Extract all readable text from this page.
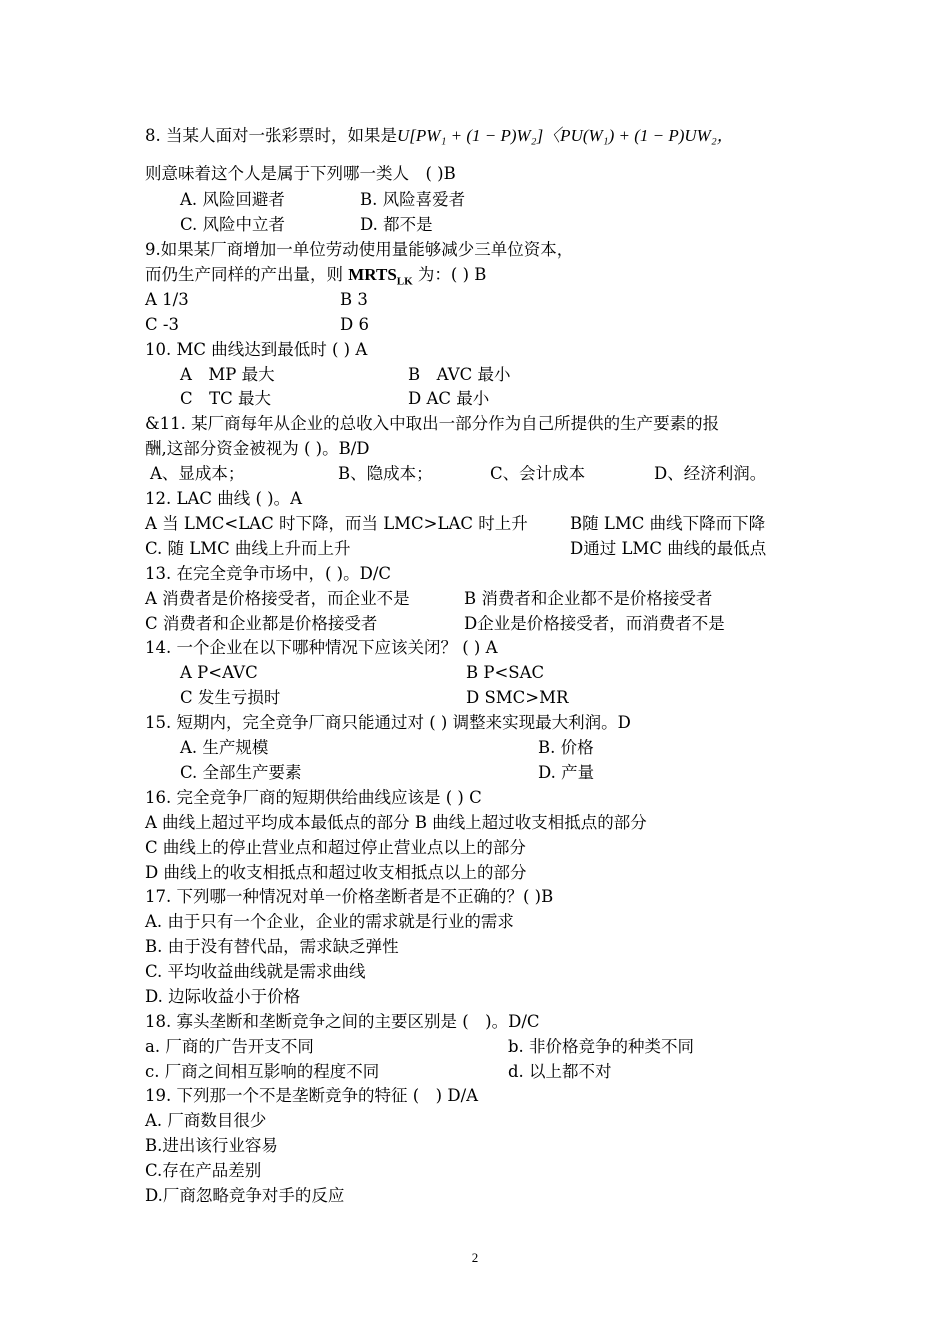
8. 当某人面对一张彩票时，如果是U[PW₁ + (1 − P)W₂]〈PU(W₁) + (1 − P)UW₂，
则意味着这个人是属于下列哪一类人　( )B
A. 风险回避者	B. 风险喜爱者
C. 风险中立者	D. 都不是
9.如果某厂商增加一单位劳动使用量能够减少三单位资本，
而仍生产同样的产出量，则 $MRTS_{LK}$ 为：( ) B
A 1/3	B 3
C -3	D 6
10. MC 曲线达到最低时 ( ) A
A　MP 最大	B　AVC 最小
C　TC 最大	D AC 最小
&11. 某厂商每年从企业的总收入中取出一部分作为自己所提供的生产要素的报
酬,这部分资金被视为 ( )。B/D
A、显成本；	B、隐成本；	C、会计成本	D、经济利润。
12. LAC 曲线 ( )。A
A 当 LMC<LAC 时下降，而当 LMC>LAC 时上升	B随 LMC 曲线下降而下降
C. 随 LMC 曲线上升而上升	D通过 LMC 曲线的最低点
13. 在完全竞争市场中，( )。D/C
A 消费者是价格接受者，而企业不是	B 消费者和企业都不是价格接受者
C 消费者和企业都是价格接受者	D企业是价格接受者，而消费者不是
14. 一个企业在以下哪种情况下应该关闭？ ( ) A
A P<AVC	B P<SAC
C 发生亏损时	D SMC>MR
15. 短期内，完全竞争厂商只能通过对 ( ) 调整来实现最大利润。D
A. 生产规模	B. 价格
C. 全部生产要素	D. 产量
16. 完全竞争厂商的短期供给曲线应该是 ( ) C
A 曲线上超过平均成本最低点的部分 B 曲线上超过收支相抵点的部分
C 曲线上的停止营业点和超过停止营业点以上的部分
D 曲线上的收支相抵点和超过收支相抵点以上的部分
17. 下列哪一种情况对单一价格垄断者是不正确的？( )B
A. 由于只有一个企业，企业的需求就是行业的需求
B. 由于没有替代品，需求缺乏弹性
C. 平均收益曲线就是需求曲线
D. 边际收益小于价格
18. 寡头垄断和垄断竞争之间的主要区别是 (　)。D/C
a. 厂商的广告开支不同	b. 非价格竞争的种类不同
c. 厂商之间相互影响的程度不同	d. 以上都不对
19. 下列那一个不是垄断竞争的特征 (　) D/A
A. 厂商数目很少
B.进出该行业容易
C.存在产品差别
D.厂商忽略竞争对手的反应
2
